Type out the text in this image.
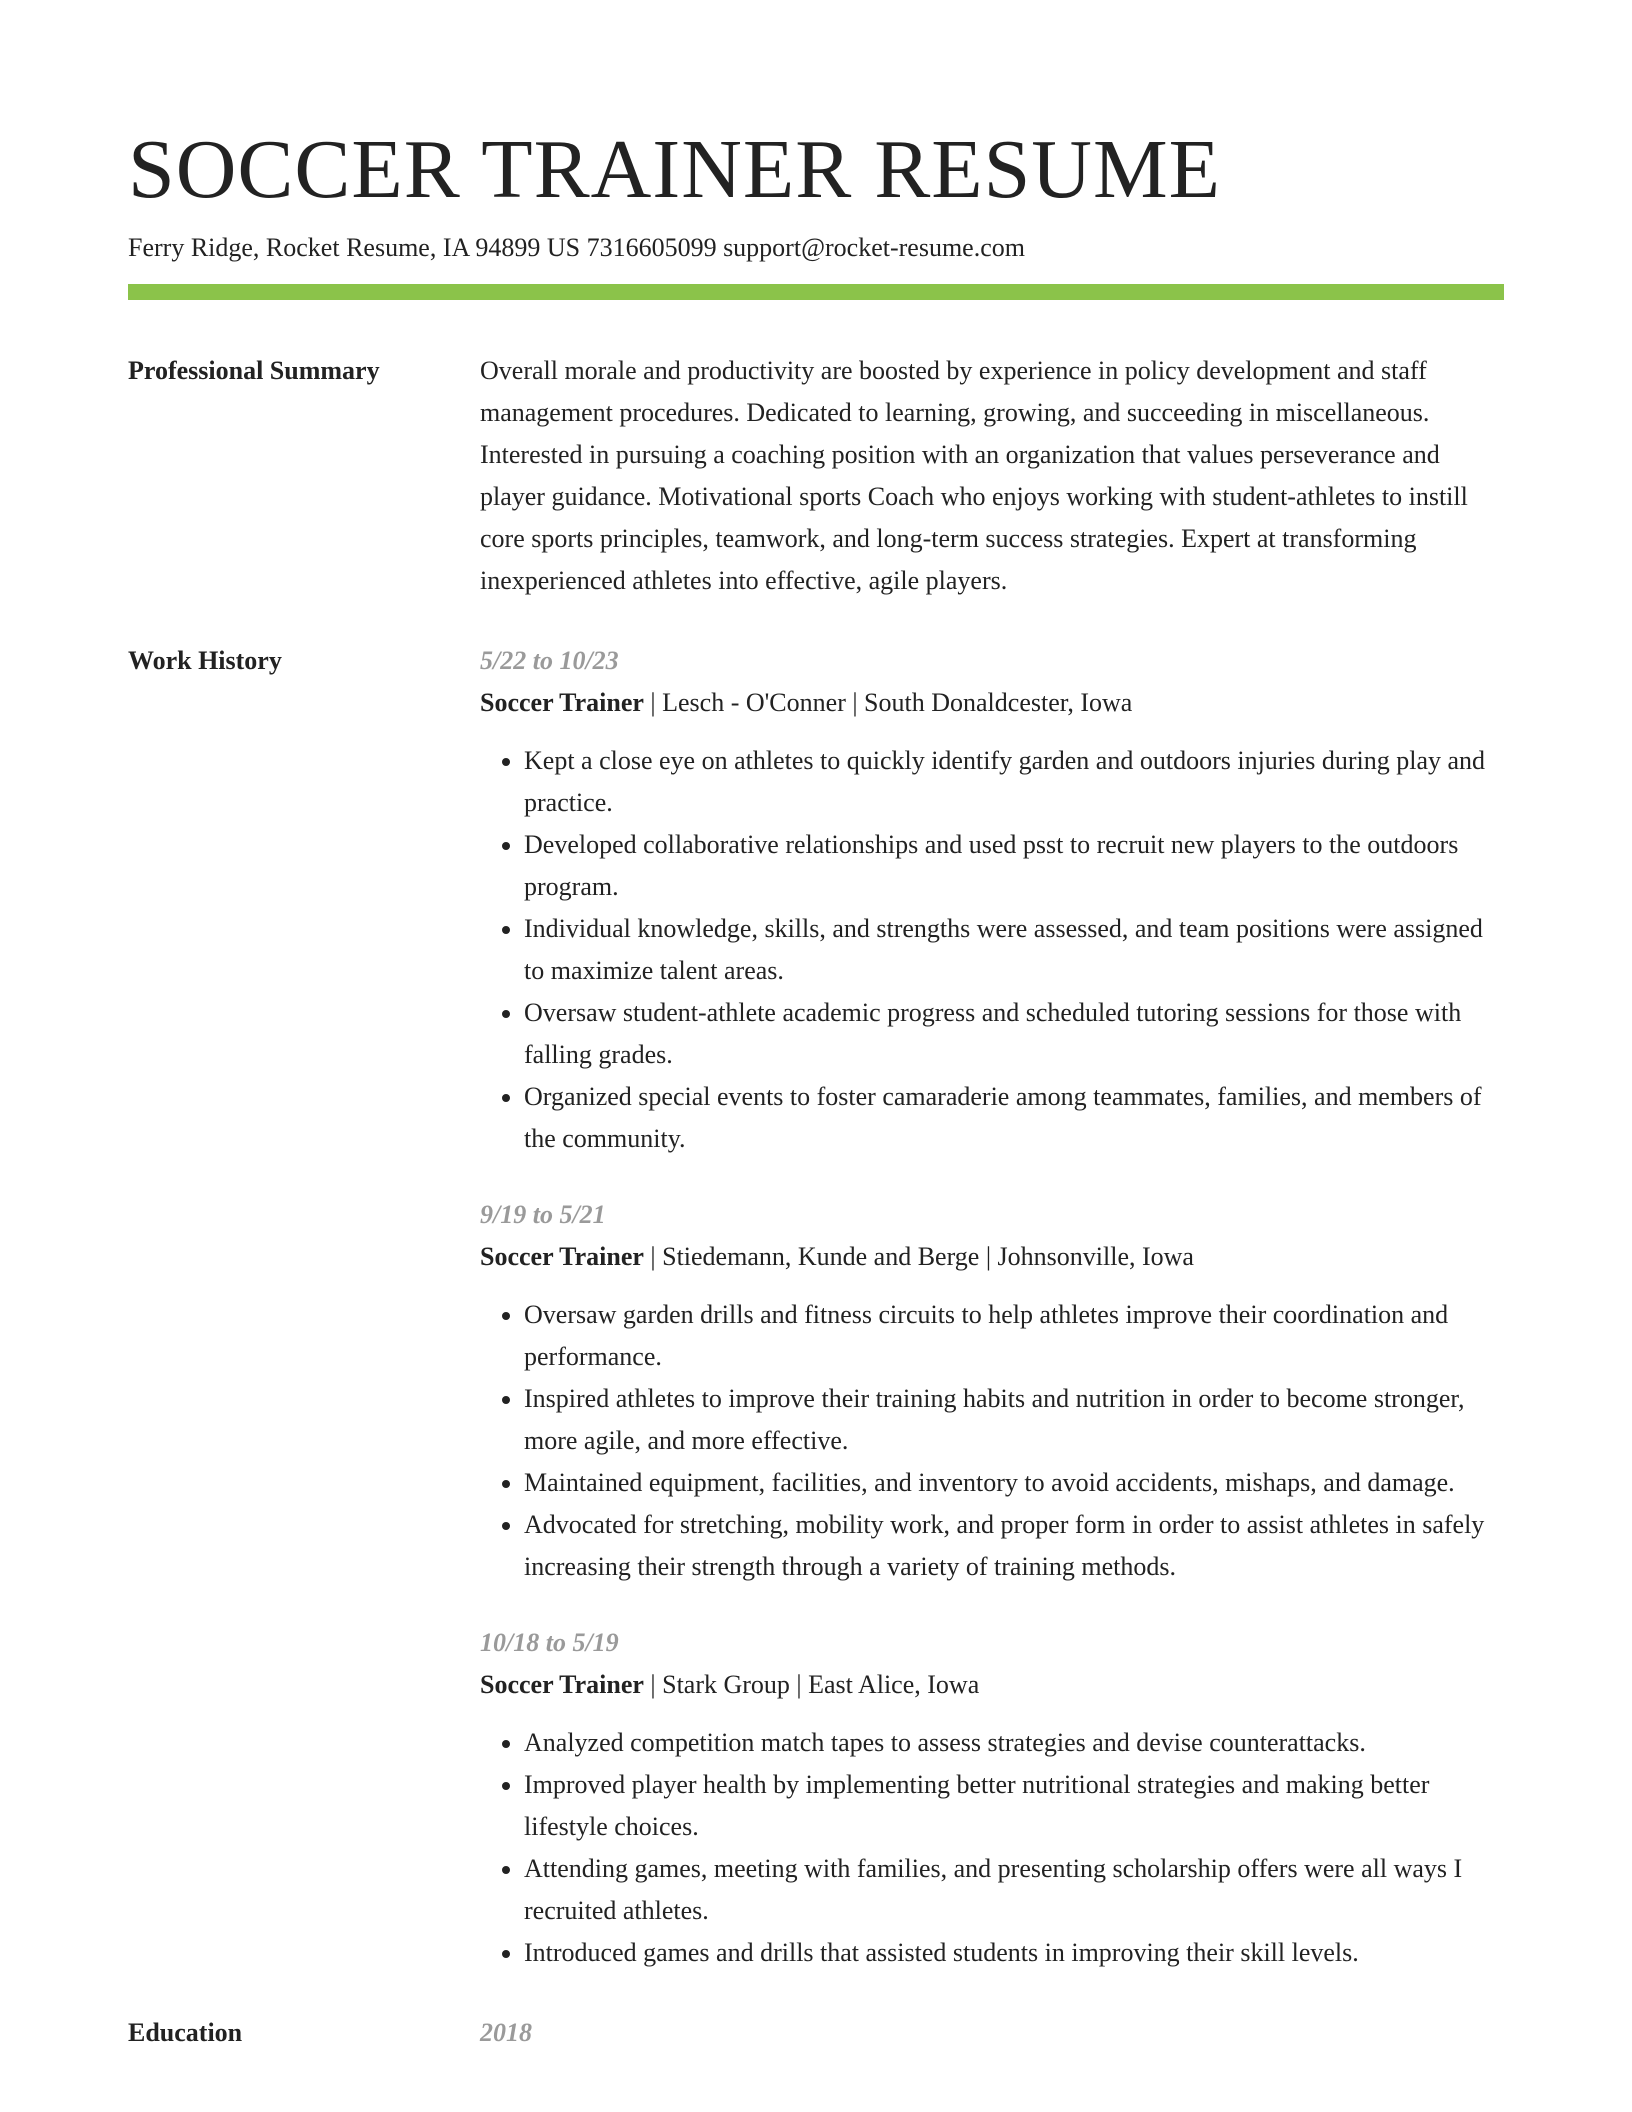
SOCCER TRAINER RESUME
Ferry Ridge, Rocket Resume, IA 94899 US 7316605099 support@rocket-resume.com
Professional Summary	Overall morale and productivity are boosted by experience in policy development and staff management procedures. Dedicated to learning, growing, and succeeding in miscellaneous. Interested in pursuing a coaching position with an organization that values perseverance and player guidance. Motivational sports Coach who enjoys working with student-athletes to instill core sports principles, teamwork, and long-term success strategies. Expert at transforming inexperienced athletes into effective, agile players.

Work History	5/22 to 10/23
Soccer Trainer | Lesch - O'Conner | South Donaldcester, Iowa
• Kept a close eye on athletes to quickly identify garden and outdoors injuries during play and practice.
• Developed collaborative relationships and used psst to recruit new players to the outdoors program.
• Individual knowledge, skills, and strengths were assessed, and team positions were assigned to maximize talent areas.
• Oversaw student-athlete academic progress and scheduled tutoring sessions for those with falling grades.
• Organized special events to foster camaraderie among teammates, families, and members of the community.
9/19 to 5/21
Soccer Trainer | Stiedemann, Kunde and Berge | Johnsonville, Iowa
• Oversaw garden drills and fitness circuits to help athletes improve their coordination and performance.
• Inspired athletes to improve their training habits and nutrition in order to become stronger, more agile, and more effective.
• Maintained equipment, facilities, and inventory to avoid accidents, mishaps, and damage.
• Advocated for stretching, mobility work, and proper form in order to assist athletes in safely increasing their strength through a variety of training methods.
10/18 to 5/19
Soccer Trainer | Stark Group | East Alice, Iowa
• Analyzed competition match tapes to assess strategies and devise counterattacks.
• Improved player health by implementing better nutritional strategies and making better lifestyle choices.
• Attending games, meeting with families, and presenting scholarship offers were all ways I recruited athletes.
• Introduced games and drills that assisted students in improving their skill levels.
Education	2018
